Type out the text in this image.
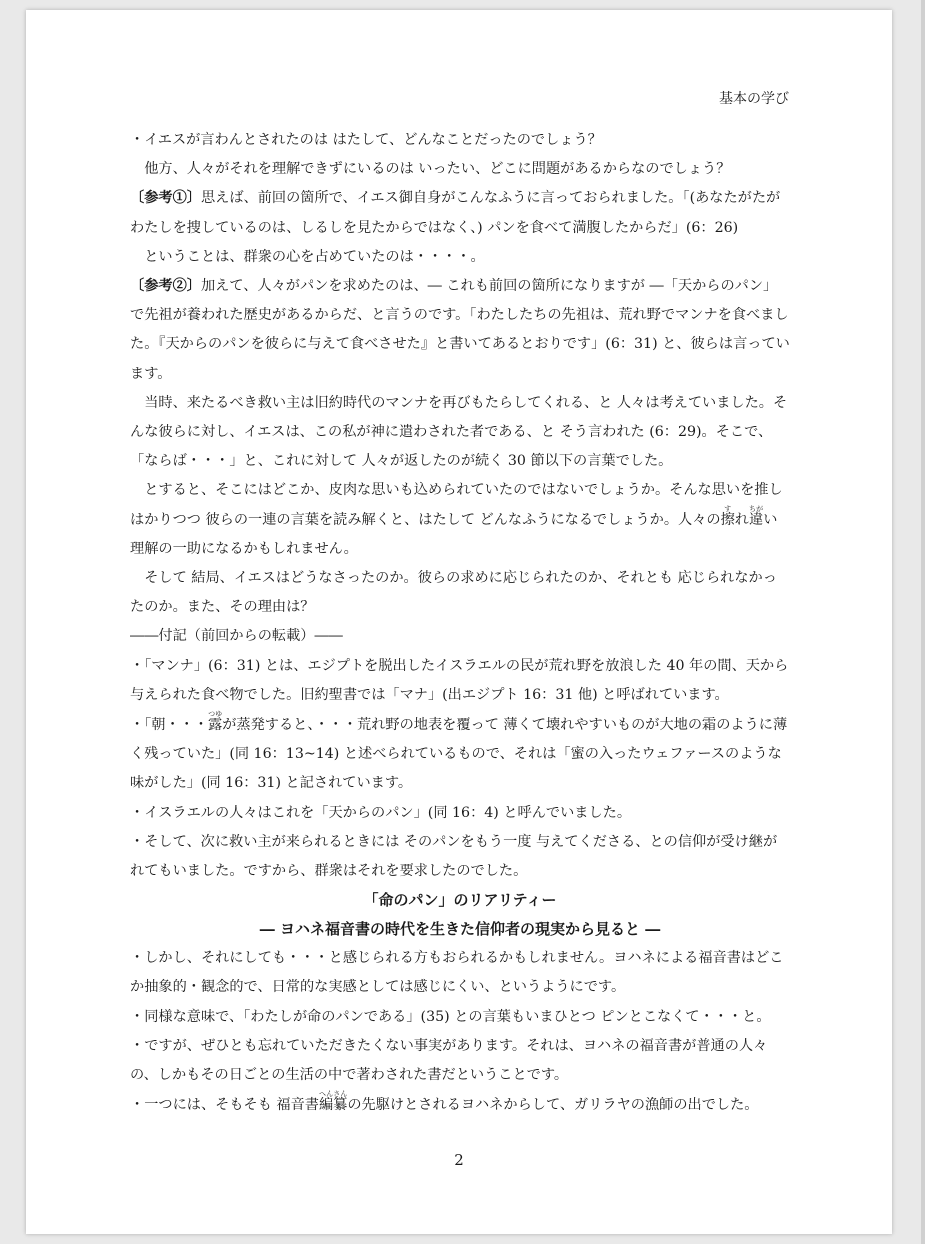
基本の学び

・イエスが言わんとされたのは はたして、どんなことだったのでしょう？

他方、人々がそれを理解できずにいるのは いったい、どこに問題があるからなのでしょう？

〔参考①〕思えば、前回の箇所で、イエス御自身がこんなふうに言っておられました。「(あなたがたがわたしを捜しているのは、しるしを見たからではなく、) パンを食べて満腹したからだ」(6：26)

ということは、群衆の心を占めていたのは・・・・。

〔参考②〕加えて、人々がパンを求めたのは、― これも前回の箇所になりますが ―「天からのパン」で先祖が養われた歴史があるからだ、と言うのです。「わたしたちの先祖は、荒れ野でマンナを食べました。『天からのパンを彼らに与えて食べさせた』と書いてあるとおりです」(6：31) と、彼らは言っています。

当時、来たるべき救い主は旧約時代のマンナを再びもたらしてくれる、と 人々は考えていました。そんな彼らに対し、イエスは、この私が神に遣わされた者である、と そう言われた (6：29)。そこで、「ならば・・・」と、これに対して 人々が返したのが続く 30 節以下の言葉でした。

とすると、そこにはどこか、皮肉な思いも込められていたのではないでしょうか。そんな思いを推しはかりつつ 彼らの一連の言葉を読み解くと、はたして どんなふうになるでしょうか。人々の擦すれ違ちがい理解の一助になるかもしれません。

そして 結局、イエスはどうなさったのか。彼らの求めに応じられたのか、それとも 応じられなかったのか。また、その理由は？

――付記（前回からの転載）――

・「マンナ」(6：31) とは、エジプトを脱出したイスラエルの民が荒れ野を放浪した 40 年の間、天から与えられた食べ物でした。旧約聖書では「マナ」(出エジプト 16：31 他) と呼ばれています。

・「朝・・・露つゆが蒸発すると、・・・荒れ野の地表を覆って 薄くて壊れやすいものが大地の霜のように薄く残っていた」(同 16：13~14) と述べられているもので、それは「蜜の入ったウェファースのような味がした」(同 16：31) と記されています。

・イスラエルの人々はこれを「天からのパン」(同 16：4) と呼んでいました。

・そして、次に救い主が来られるときには そのパンをもう一度 与えてくださる、との信仰が受け継がれてもいました。ですから、群衆はそれを要求したのでした。

「命のパン」のリアリティー

― ヨハネ福音書の時代を生きた信仰者の現実から見ると ―

・しかし、それにしても・・・と感じられる方もおられるかもしれません。ヨハネによる福音書はどこか抽象的・観念的で、日常的な実感としては感じにくい、というようにです。

・同様な意味で、「わたしが命のパンである」(35) との言葉もいまひとつ ピンとこなくて・・・と。

・ですが、ぜひとも忘れていただきたくない事実があります。それは、ヨハネの福音書が普通の人々の、しかもその日ごとの生活の中で著わされた書だということです。

・一つには、そもそも 福音書編纂へんさんの先駆けとされるヨハネからして、ガリラヤの漁師の出でした。

2
